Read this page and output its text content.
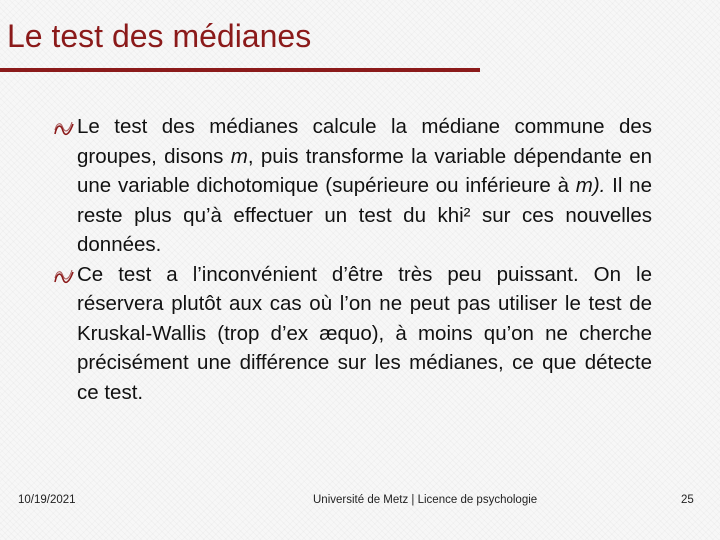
Le test des médianes
Le test des médianes calcule la médiane commune des groupes, disons m, puis transforme la variable dépendante en une variable dichotomique (supérieure ou inférieure à m). Il ne reste plus qu’à effectuer un test du khi² sur ces nouvelles données.
Ce test a l’inconvénient d’être très peu puissant. On le réservera plutôt aux cas où l’on ne peut pas utiliser le test de Kruskal-Wallis (trop d’ex æquo), à moins qu’on ne cherche précisément une différence sur les médianes, ce que détecte ce test.
10/19/2021	Université de Metz | Licence de psychologie	25
